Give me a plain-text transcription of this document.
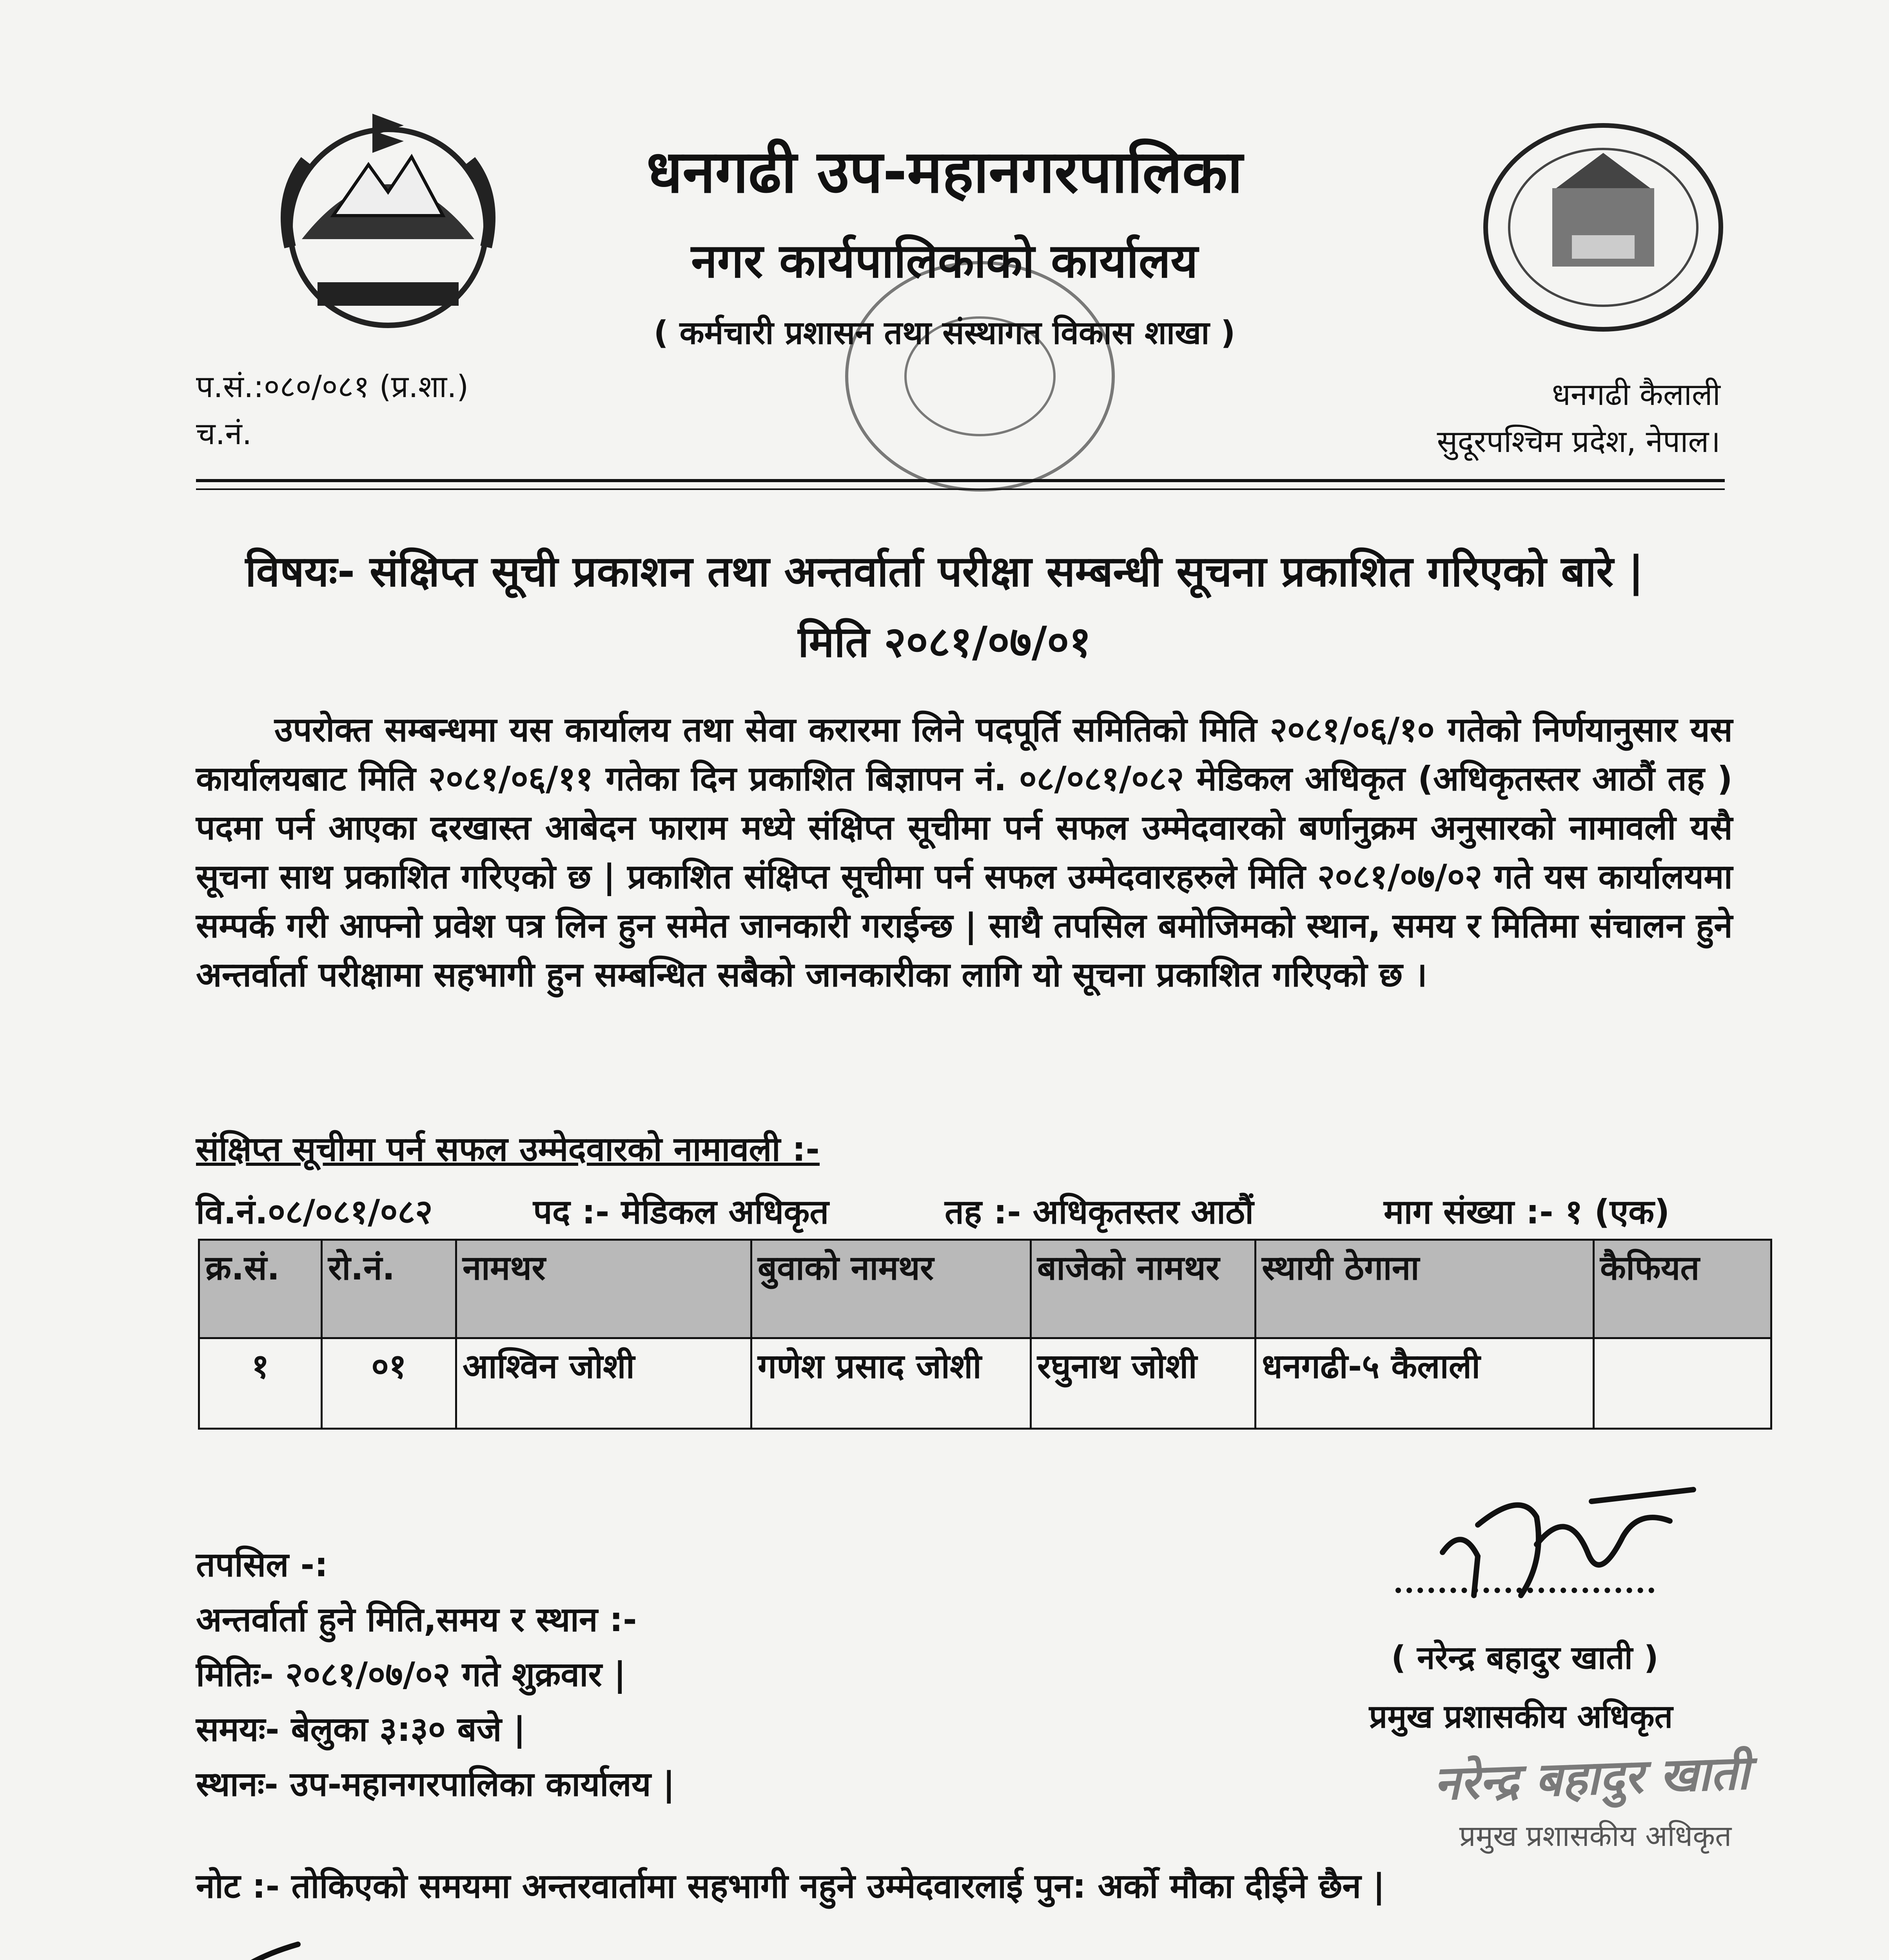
धनगढी उप-महानगरपालिका
नगर कार्यपालिकाको कार्यालय
( कर्मचारी प्रशासन तथा संस्थागत विकास शाखा )
प.सं.:०८०/०८१ (प्र.शा.)
च.नं.
धनगढी कैलाली
सुदूरपश्चिम प्रदेश, नेपाल।
विषयः- संक्षिप्त सूची प्रकाशन तथा अन्तर्वार्ता परीक्षा सम्बन्धी सूचना प्रकाशित गरिएको बारे |
मिति २०८१/०७/०१
उपरोक्त सम्बन्धमा यस कार्यालय तथा सेवा करारमा लिने पदपूर्ति समितिको मिति २०८१/०६/१० गतेको निर्णयानुसार यस कार्यालयबाट मिति २०८१/०६/११ गतेका दिन प्रकाशित बिज्ञापन नं. ०८/०८१/०८२ मेडिकल अधिकृत (अधिकृतस्तर आठौं तह ) पदमा पर्न आएका दरखास्त आबेदन फाराम मध्ये संक्षिप्त सूचीमा पर्न सफल उम्मेदवारको बर्णानुक्रम अनुसारको नामावली यसै सूचना साथ प्रकाशित गरिएको छ | प्रकाशित संक्षिप्त सूचीमा पर्न सफल उम्मेदवारहरुले मिति २०८१/०७/०२ गते यस कार्यालयमा सम्पर्क गरी आफ्नो प्रवेश पत्र लिन हुन समेत जानकारी गराईन्छ | साथै तपसिल बमोजिमको स्थान, समय र मितिमा संचालन हुने अन्तर्वार्ता परीक्षामा सहभागी हुन सम्बन्धित सबैको जानकारीका लागि यो सूचना प्रकाशित गरिएको छ ।
संक्षिप्त सूचीमा पर्न सफल उम्मेदवारको नामावली :-
वि.नं.०८/०८१/०८२	पद :- मेडिकल अधिकृत	तह :- अधिकृतस्तर आठौं	माग संख्या :- १ (एक)
क्र.सं.	रो.नं.	नामथर	बुवाको नामथर	बाजेको नामथर	स्थायी ठेगाना	कैफियत
१	०१	आश्विन जोशी	गणेश प्रसाद जोशी	रघुनाथ जोशी	धनगढी-५ कैलाली	
तपसिल -:
अन्तर्वार्ता हुने मिति,समय र स्थान :-
मितिः- २०८१/०७/०२ गते शुक्रवार |
समयः- बेलुका ३:३० बजे |
स्थानः- उप-महानगरपालिका कार्यालय |
नोट :- तोकिएको समयमा अन्तरवार्तामा सहभागी नहुने उम्मेदवारलाई पुन: अर्को मौका दीईने छैन |
( नरेन्द्र बहादुर खाती )
प्रमुख प्रशासकीय अधिकृत
नरेन्द्र बहादुर खाती
प्रमुख प्रशासकीय अधिकृत
